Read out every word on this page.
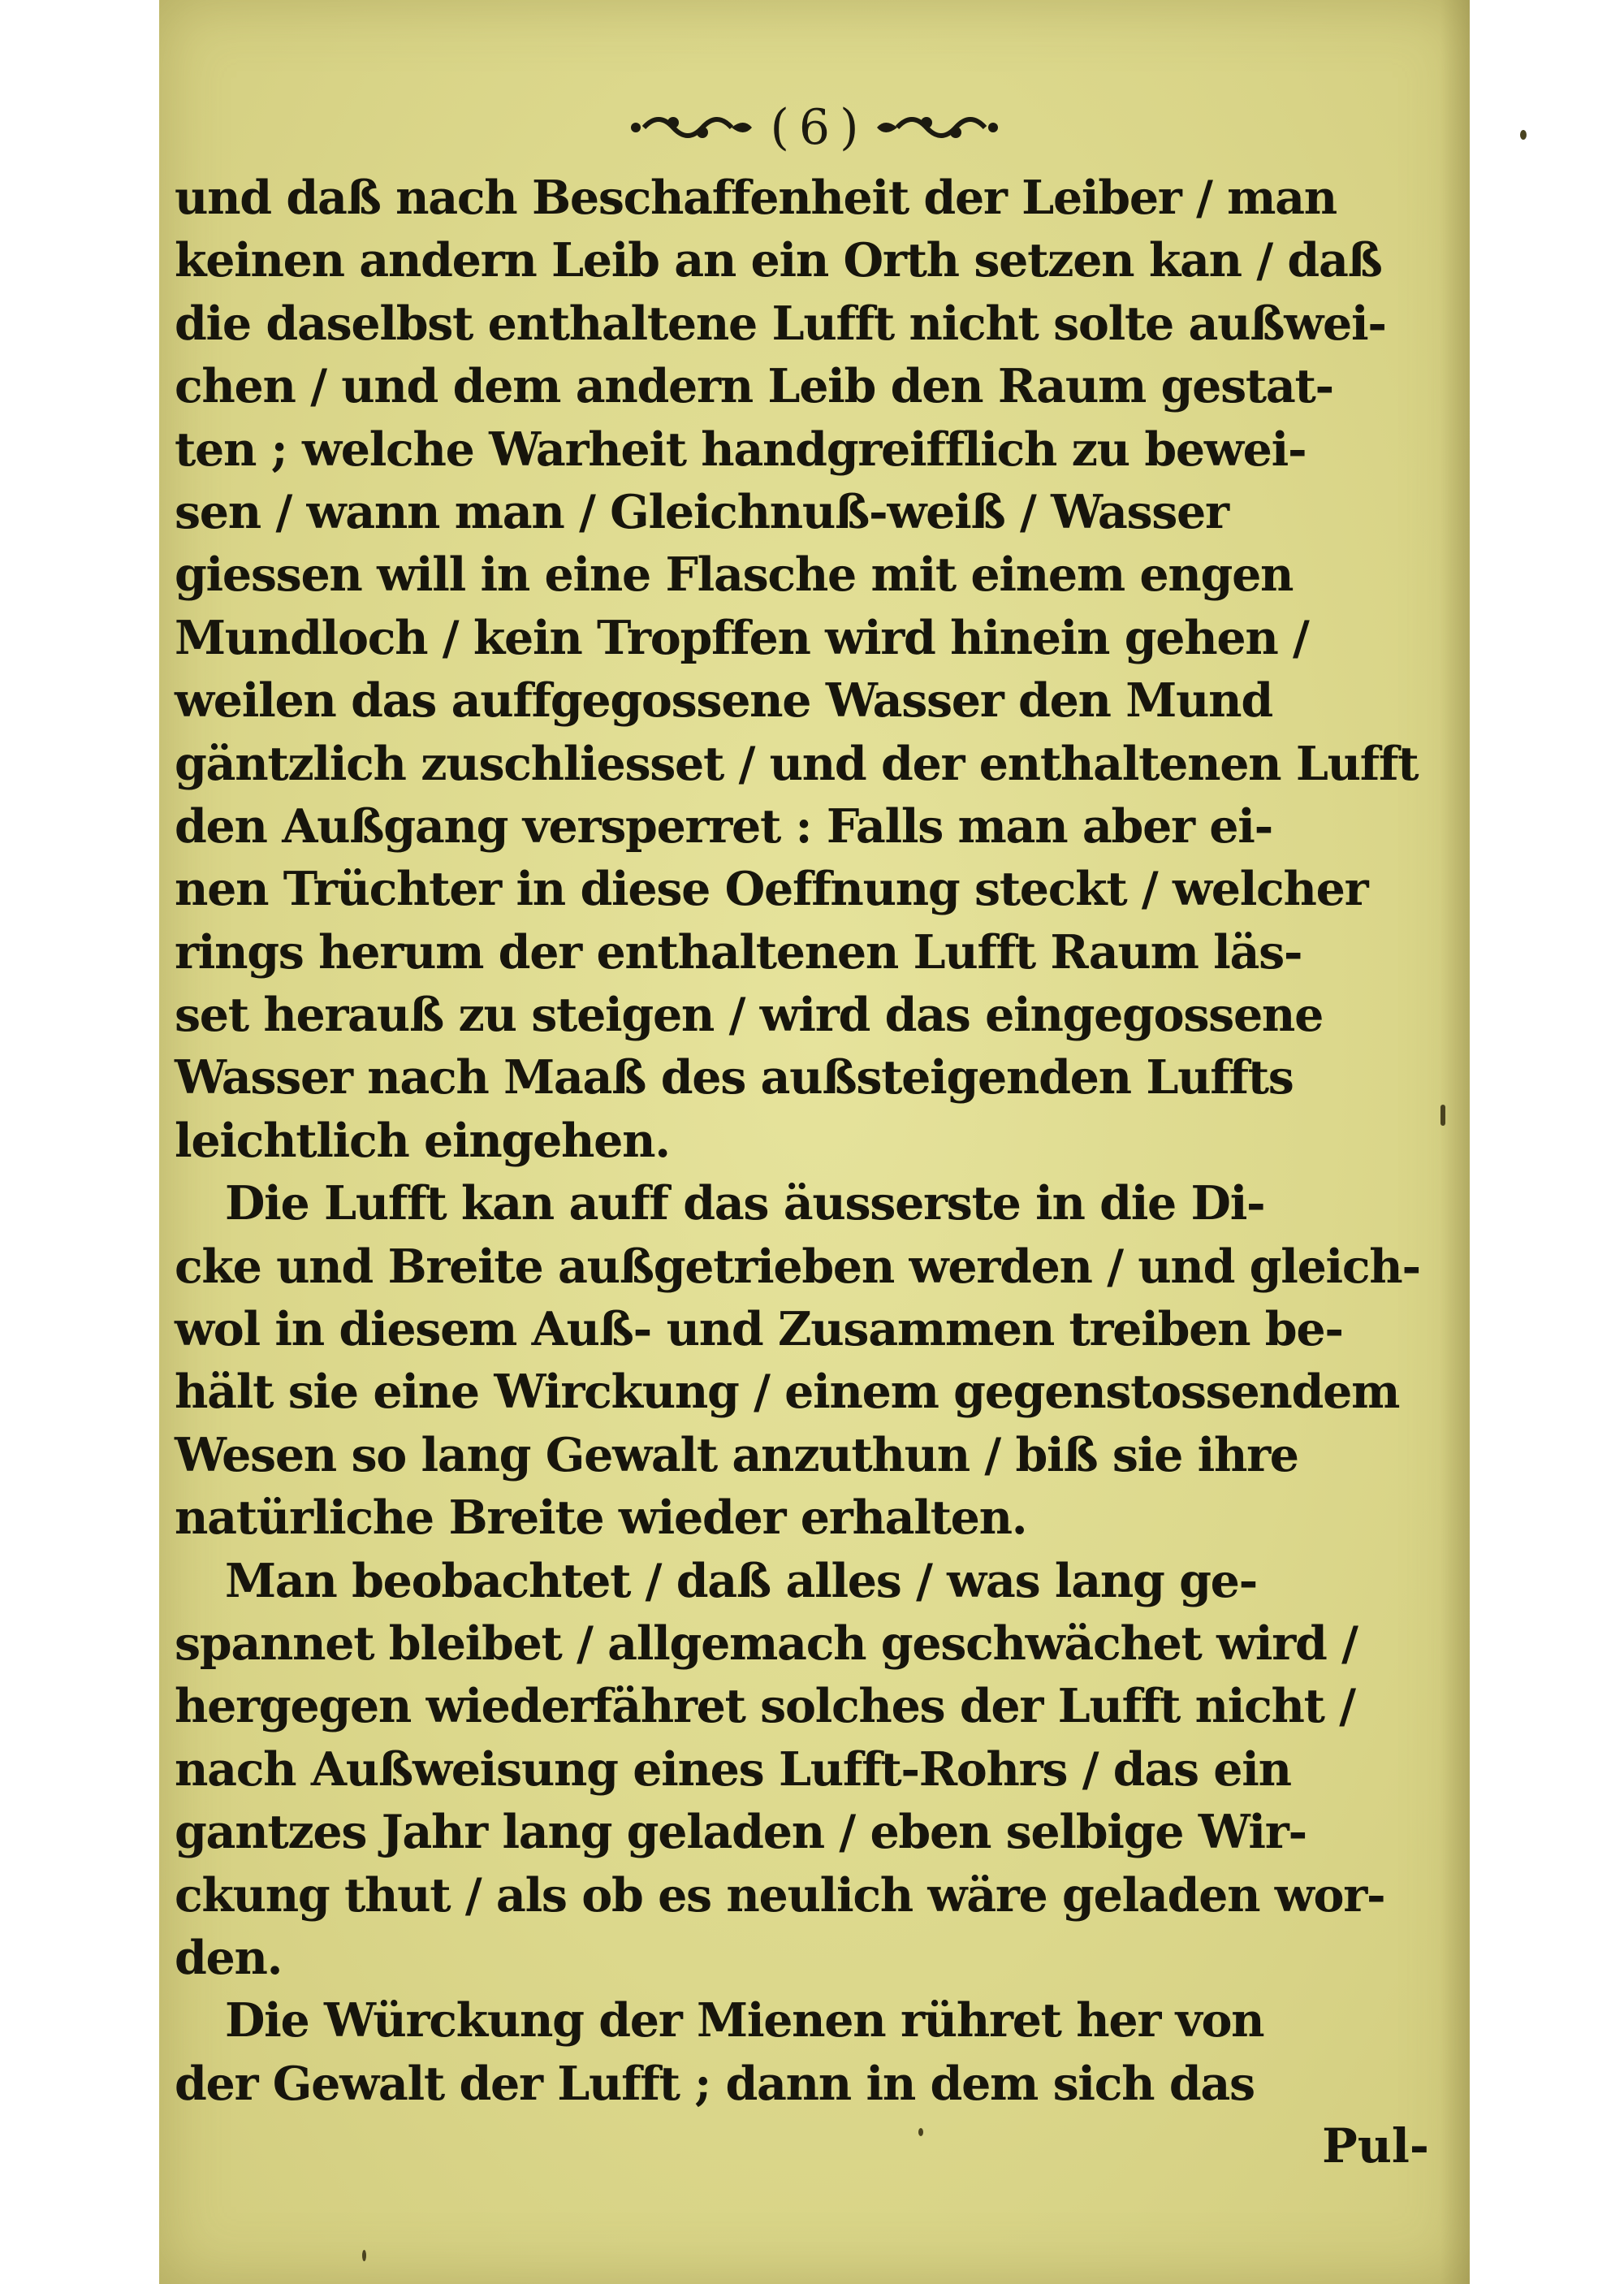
( 6 )
und daß nach Beschaffenheit der Leiber / man
keinen andern Leib an ein Orth setzen kan / daß
die daselbst enthaltene Lufft nicht solte außwei-
chen / und dem andern Leib den Raum gestat-
ten ; welche Warheit handgreifflich zu bewei-
sen / wann man / Gleichnuß-weiß / Wasser
giessen will in eine Flasche mit einem engen
Mundloch / kein Tropffen wird hinein gehen /
weilen das auffgegossene Wasser den Mund
gäntzlich zuschliesset / und der enthaltenen Lufft
den Außgang versperret : Falls man aber ei-
nen Trüchter in diese Oeffnung steckt / welcher
rings herum der enthaltenen Lufft Raum läs-
set herauß zu steigen / wird das eingegossene
Wasser nach Maaß des außsteigenden Luffts
leichtlich eingehen.
Die Lufft kan auff das äusserste in die Di-
cke und Breite außgetrieben werden / und gleich-
wol in diesem Auß- und Zusammen treiben be-
hält sie eine Wirckung / einem gegenstossendem
Wesen so lang Gewalt anzuthun / biß sie ihre
natürliche Breite wieder erhalten.
Man beobachtet / daß alles / was lang ge-
spannet bleibet / allgemach geschwächet wird /
hergegen wiederfähret solches der Lufft nicht /
nach Außweisung eines Lufft-Rohrs / das ein
gantzes Jahr lang geladen / eben selbige Wir-
ckung thut / als ob es neulich wäre geladen wor-
den.
Die Würckung der Mienen rühret her von
der Gewalt der Lufft ; dann in dem sich das
Pul-
